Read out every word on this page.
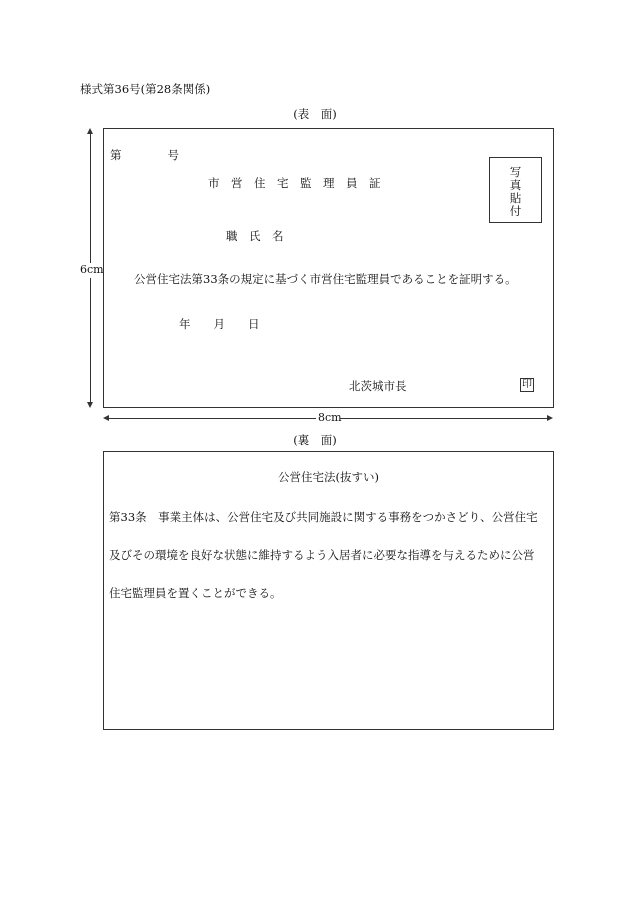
様式第36号(第28条関係)
(表　面)
6cm
第　　　　号
市　営　住　宅　監　理　員　証
写
真
貼
付
職　氏　名
公営住宅法第33条の規定に基づく市営住宅監理員であることを証明する。
年　　月　　日
北茨城市長	印
8cm
(裏　面)
公営住宅法(抜すい)
第33条　事業主体は、公営住宅及び共同施設に関する事務をつかさどり、公営住宅
及びその環境を良好な状態に維持するよう入居者に必要な指導を与えるために公営
住宅監理員を置くことができる。
